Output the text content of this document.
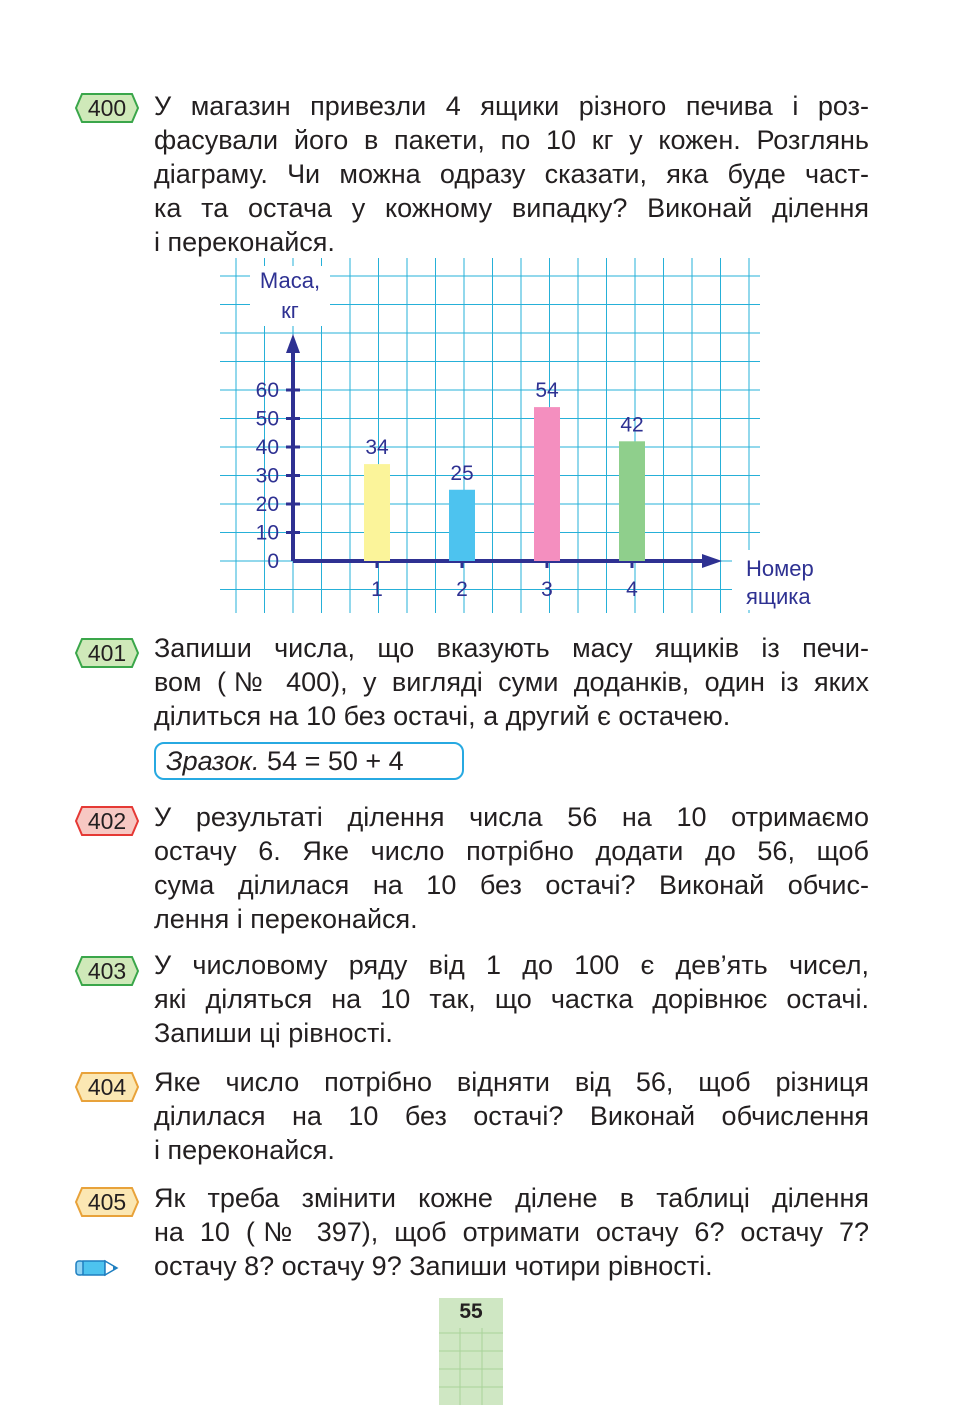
400	У магазин привезли 4 ящики різного печива і роз-
фасували його в пакети, по 10 кг у кожен. Розглянь
діаграму. Чи можна одразу сказати, яка буде част-
ка та остача у кожному випадку? Виконай ділення
і переконайся.
0
10
20
30
40
50
60
Маса,
кг
Номер
ящика
34
1
25
2
54
3
42
4
401	Запиши числа, що вказують масу ящиків із печи-
вом (№ 400), у вигляді суми доданків, один із яких
ділиться на 10 без остачі, а другий є остачею.
Зразок. 54 = 50 + 4
402	У результаті ділення числа 56 на 10 отримаємо
остачу 6. Яке число потрібно додати до 56, щоб
сума ділилася на 10 без остачі? Виконай обчис-
лення і переконайся.
403	У числовому ряду від 1 до 100 є дев’ять чисел,
які діляться на 10 так, що частка дорівнює остачі.
Запиши ці рівності.
404	Яке число потрібно відняти від 56, щоб різниця
ділилася на 10 без остачі? Виконай обчислення
і переконайся.
405	Як треба змінити кожне ділене в таблиці ділення
на 10 (№ 397), щоб отримати остачу 6? остачу 7?
остачу 8? остачу 9? Запиши чотири рівності.
55
